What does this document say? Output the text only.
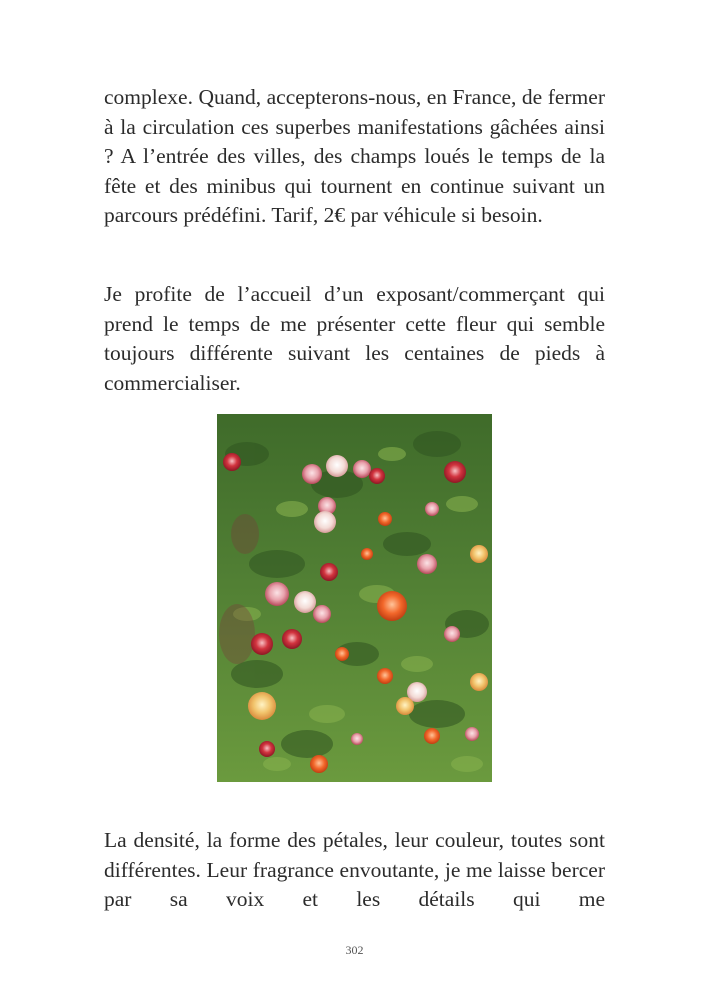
complexe. Quand, accepterons-nous, en France, de fermer à la circulation ces superbes manifestations gâchées ainsi ? A l’entrée des villes, des champs loués le temps de la fête et des minibus qui tournent en continue suivant un parcours prédéfini. Tarif, 2€ par véhicule si besoin.

Je profite de l’accueil d’un exposant/commerçant qui prend le temps de me présenter cette fleur qui semble toujours différente suivant les centaines de pieds à commercialiser.

La densité, la forme des pétales, leur couleur, toutes sont différentes. Leur fragrance envoutante, je me laisse bercer par sa voix et les détails qui me

302
